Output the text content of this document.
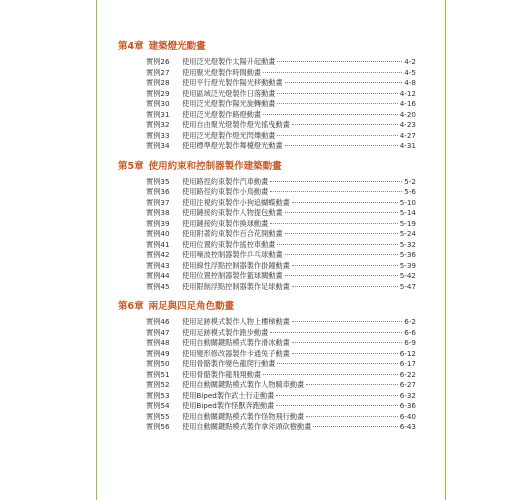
第4章 建築燈光動畫
實例26	使用泛光燈製作太陽升起動畫	4-2
實例27	使用聚光燈製作時間動畫	4-5
實例28	使用平行燈光製作陽光移動動畫	4-8
實例29	使用區域泛光燈製作日落動畫	4-12
實例30	使用泛光燈製作陽光旋轉動畫	4-16
實例31	使用泛光燈製作路燈動畫	4-20
實例32	使用自由聚光燈製作燈光搖曳動畫	4-23
實例33	使用泛光燈製作燈光閃爍動畫	4-27
實例34	使用標準燈光製作舞檯燈光動畫	4-31
第5章 使用約束和控制器製作建築動畫
實例35	使用路徑約束製作汽車動畫	5-2
實例36	使用路徑約束製作小鳥動畫	5-6
實例37	使用注視約束製作小狗追蝴蝶動畫	5-10
實例38	使用鏈接約束製作人物提包動畫	5-14
實例39	使用鏈接約束製作換球動畫	5-19
實例40	使用附著約束製作百合花開動畫	5-24
實例41	使用位置約束製作搖控車動畫	5-32
實例42	使用噪波控制器製作乒乓球動畫	5-36
實例43	使用線性浮點控制器製作掛鐘動畫	5-39
實例44	使用位置控制器製作籃球關動畫	5-42
實例45	使用限制浮點控制器製作足球動畫	5-47
第6章 兩足與四足角色動畫
實例46	使用足跡模式製作人物上樓梯動畫	6-2
實例47	使用足跡模式製作跑步動畫	6-6
實例48	使用自動關鍵點模式製作滑冰動畫	6-9
實例49	使用變形修改器製作卡通兔子動畫	6-12
實例50	使用骨骼製作變色龍爬行動畫	6-17
實例51	使用骨骼製作龍飛翔動畫	6-22
實例52	使用自動關鍵點模式製作人物騎車動畫	6-27
實例53	使用Biped製作武士行走動畫	6-32
實例54	使用Biped製作怪獸奔跑動畫	6-36
實例55	使用自動關鍵點模式製作怪物飛行動畫	6-40
實例56	使用自動關鍵點模式製作拿斧頭砍樹動畫	6-43
